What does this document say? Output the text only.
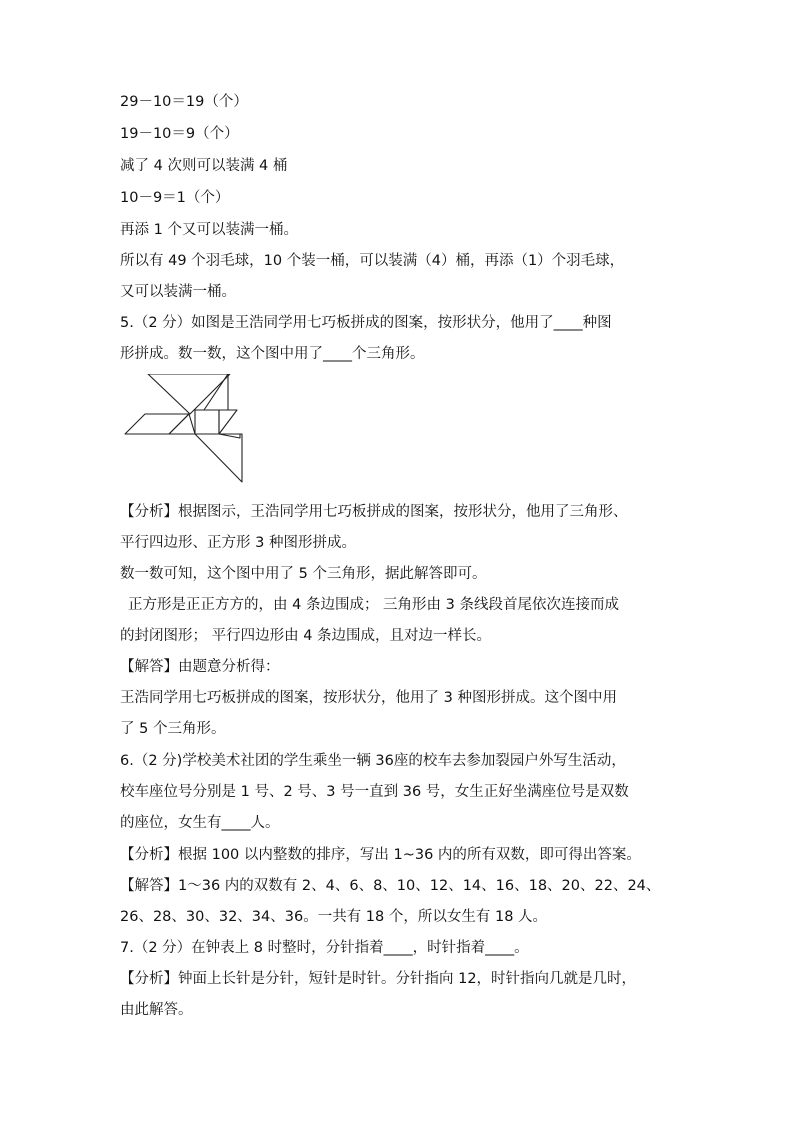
29－10＝19（个）
19－10＝9（个）
减了 4 次则可以装满 4 桶
10－9＝1（个）
再添 1 个又可以装满一桶。
所以有 49 个羽毛球，10 个装一桶，可以装满（4）桶，再添（1）个羽毛球，
又可以装满一桶。
5.（2 分）如图是王浩同学用七巧板拼成的图案，按形状分，他用了____种图
形拼成。数一数，这个图中用了____个三角形。
【分析】根据图示，王浩同学用七巧板拼成的图案，按形状分，他用了三角形、
平行四边形、正方形 3 种图形拼成。
数一数可知，这个图中用了 5 个三角形，据此解答即可。
正方形是正正方方的，由 4 条边围成； 三角形由 3 条线段首尾依次连接而成
的封闭图形； 平行四边形由 4 条边围成，且对边一样长。
【解答】由题意分析得：
王浩同学用七巧板拼成的图案，按形状分，他用了 3 种图形拼成。这个图中用
了 5 个三角形。
6.（2 分)学校美术社团的学生乘坐一辆 36座的校车去参加裂园户外写生活动，
校车座位号分别是 1 号、2 号、3 号一直到 36 号，女生正好坐满座位号是双数
的座位，女生有____人。
【分析】根据 100 以内整数的排序，写出 1~36 内的所有双数，即可得出答案。
【解答】1～36 内的双数有 2、4、6、8、10、12、14、16、18、20、22、24、
26、28、30、32、34、36。一共有 18 个，所以女生有 18 人。
7.（2 分）在钟表上 8 时整时，分针指着____，时针指着____。
【分析】钟面上长针是分针，短针是时针。分针指向 12，时针指向几就是几时，
由此解答。
